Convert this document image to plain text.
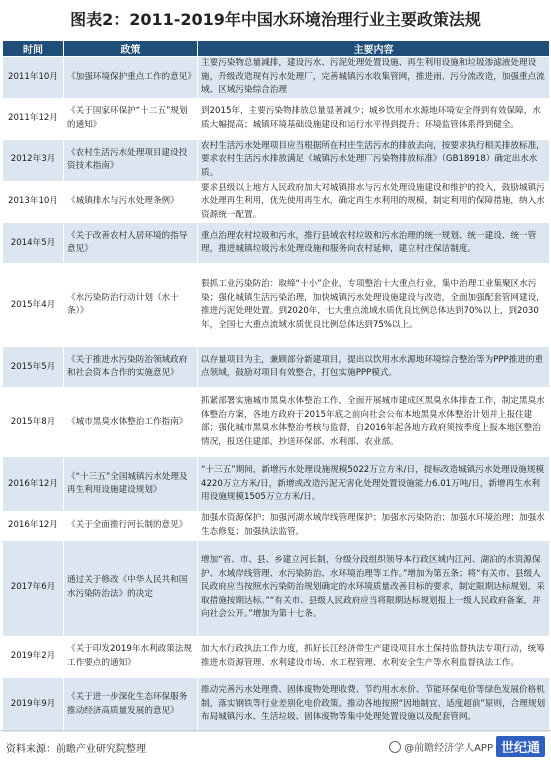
图表2：2011-2019年中国水环境治理行业主要政策法规
时间	政策	主要内容
2011年10月	《加强环境保护重点工作的意见》	主要污染物总量减排，建设污水、污泥处理处置设施、再生利用设施和垃圾渗滤液处理设施，升级改造现有污水处理厂，完善城镇污水收集管网，推进雨、污分流改造，加强重点流域、区域污染综合治理
2011年12月	《关于国家环保护“十二五”规划的通知》	到2015年，主要污染物排放总量显著减少；城乡饮用水水源地环境安全得到有效保障，水质大幅提高；城镇环境基础设施建设和运行水平得到提升；环境监管体系得到健全。
2012年3月	《农村生活污水处理项目建设投资技术指南》	农村生活污水处理项目应当根据所在村庄生活污水的排放去向，按要求执行相关排放标准，要求农村生活污水排放满足《城镇污水处理厂污染物排放标准》（GB18918）确定出水水质。
2013年10月	《城镇排水与污水处理条例》	要求县级以上地方人民政府加大对城镇排水与污水处理设施建设和维护的投入，鼓励城镇污水处理再生利用，优先使用再生水，确定再生水利用的规模，制定利用的保障措施，纳入水资源统一配置。
2014年5月	《关于改善农村人居环境的指导意见》	重点治理农村垃圾和污水，推行县域农村垃圾和污水治理的统一规划、统一建设、统一管理，推进城镇垃圾污水处理设施和服务向农村延伸，建立村庄保洁制度。
2015年4月	《水污染防治行动计划（水十条）》	狠抓工业污染防治：取缔“十小”企业，专项整治十大重点行业，集中治理工业集聚区水污染；强化城镇生活污染治理，加快城镇污水处理设施建设与改造，全面加强配套管网建设，推进污泥处理处置。到2020年，七大重点流域水质优良比例总体达到70%以上，到2030年，全国七大重点流域水质优良比例总体达到75%以上。
2015年5月	《关于推进水污染防治领域政府和社会资本合作的实施意见》	以存量项目为主，兼顾部分新建项目，提出以饮用水水源地环境综合整治等为PPP推进的重点领域，鼓励对项目有效整合，打包实施PPP模式。
2015年8月	《城市黑臭水体整治工作指南》	抓紧部署实施城市黑臭水体整治工作，全面开展城市建成区黑臭水体排查工作，制定黑臭水体整治方案，各地方政府于2015年底之前向社会公布本地黑臭水体整治计划并上报住建部；强化城市黑臭水体整治考核与监督，自2016年起各地方政府须按季度上报本地区整治情况，报送住建部，抄送环保部、水利部、农业部。
2016年12月	《“十三五”全国城镇污水处理及再生利用设施建设规划》	“十三五”期间，新增污水处理设施规模5022万立方米/日，提标改造城镇污水处理设施规模4220万立方米/日，新增或改造污泥无害化处理处置设施能力6.01万吨/日，新增再生水利用设施规模1505万立方米/日。
2016年12月	《关于全面推行河长制的意见》	加强水资源保护；加强河湖水域岸线管理保护；加强水污染防治；加强水环境治理；加强水生态修复；加强执法监管。
2017年6月	通过关于修改《中华人民共和国水污染防治法》的决定	增加“省、市、县、乡建立河长制，分级分段组织领导本行政区域内江河、湖泊的水资源保护、水域岸线管理、水污染防治、水环境治理等工作。”增加为第五条；将“有关市、县级人民政府应当按照水污染防治规划确定的水环境质量改善目标的要求，制定限期达标规划，采取措施按期达标。”“有关市、县级人民政府应当将限期达标规划报上一级人民政府备案，并向社会公开。”增加为第十七条。
2019年2月	《关于印发2019年水利政策法规工作要点的通知》	加大水行政执法工作力度，抓好长江经济带生产建设项目水土保持监督执法专项行动，统筹推进水资源管理、水利建设市场、水工程管理、水利安全生产等水利监督执法工作。
2019年9月	《关于进一步深化生态环保服务推动经济高质量发展的意见》	推动完善污水处理费、固体废物处理收费、节约用水水价、节能环保电价等绿色发展价格机制，落实钢铁等行业差别化电价政策。推动各地按照“因地制宜、适度超前”原则，合理规划布局城镇污水、生活垃圾、固体废物等集中处理处置设施以及配套管网。
资料来源：前瞻产业研究院整理	@前瞻经济学人APP 世纪通
